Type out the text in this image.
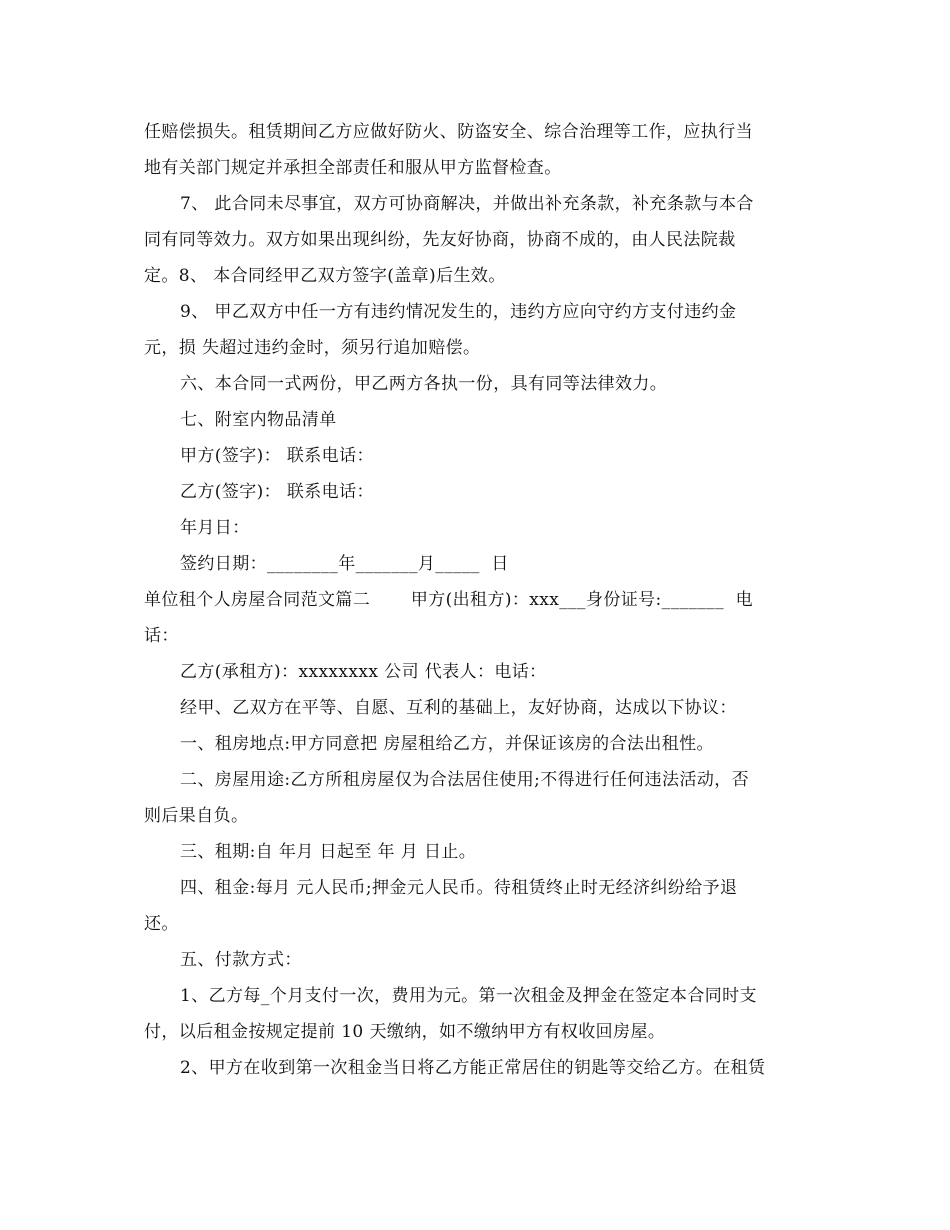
任赔偿损失。租赁期间乙方应做好防火、防盗安全、综合治理等工作，应执行当
地有关部门规定并承担全部责任和服从甲方监督检查。
7、 此合同未尽事宜，双方可协商解决，并做出补充条款，补充条款与本合
同有同等效力。双方如果出现纠纷，先友好协商，协商不成的，由人民法院裁
定。8、 本合同经甲乙双方签字(盖章)后生效。
9、 甲乙双方中任一方有违约情况发生的，违约方应向守约方支付违约金
元，损 失超过违约金时，须另行追加赔偿。
六、本合同一式两份，甲乙两方各执一份，具有同等法律效力。
七、附室内物品清单
甲方(签字)： 联系电话：
乙方(签字)： 联系电话：
年月日：
签约日期：________年_______月_____  日
单位租个人房屋合同范文篇二       甲方(出租方)：xxx___身份证号:_______  电
话：
乙方(承租方)：xxxxxxxx 公司 代表人：电话：
经甲、乙双方在平等、自愿、互利的基础上，友好协商，达成以下协议：
一、租房地点:甲方同意把 房屋租给乙方，并保证该房的合法出租性。
二、房屋用途:乙方所租房屋仅为合法居住使用;不得进行任何违法活动，否
则后果自负。
三、租期:自 年月 日起至 年 月 日止。
四、租金:每月 元人民币;押金元人民币。待租赁终止时无经济纠纷给予退
还。
五、付款方式：
1、乙方每_个月支付一次，费用为元。第一次租金及押金在签定本合同时支
付，以后租金按规定提前 10 天缴纳，如不缴纳甲方有权收回房屋。
2、甲方在收到第一次租金当日将乙方能正常居住的钥匙等交给乙方。在租赁
